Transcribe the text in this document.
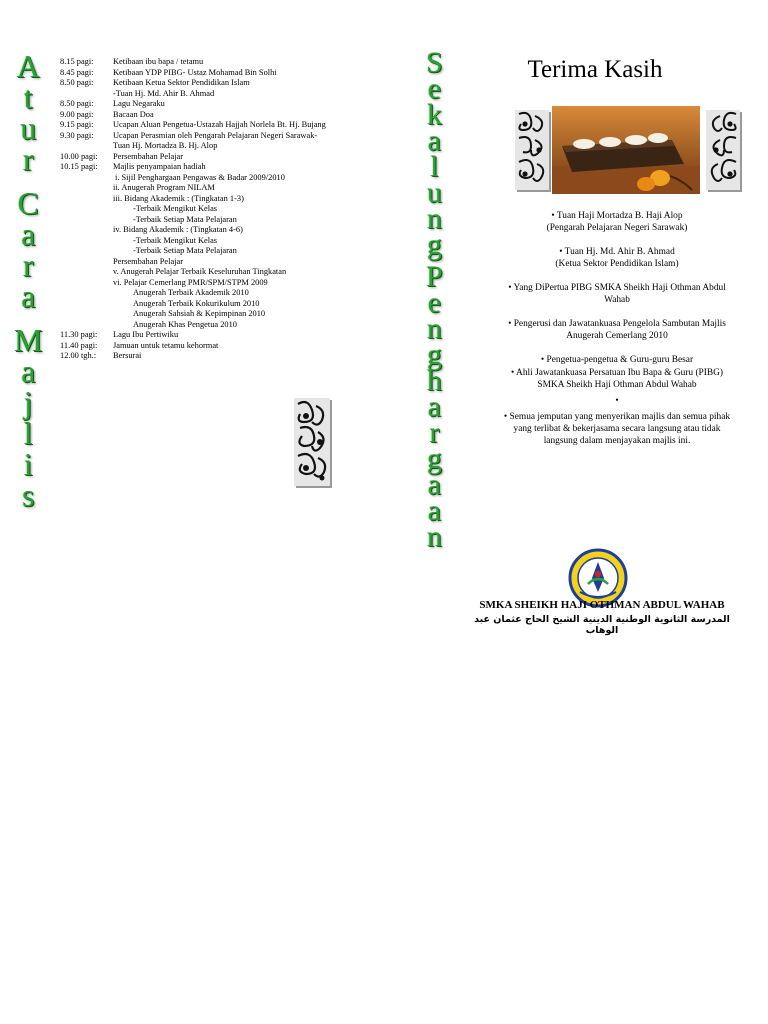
A
t
u
r
C
a
r
a
M
a
j
l
i
s
8.15 pagi:	Ketibaan ibu bapa / tetamu
8.45 pagi:	Ketibaan YDP PIBG- Ustaz Mohamad Bin Solhi
8.50 pagi:	Ketibaan Ketua Sektor Pendidikan Islam
-Tuan Hj. Md. Ahir B. Ahmad
8.50 pagi:	Lagu Negaraku
9.00 pagi:	Bacaan Doa
9.15 pagi:	Ucapan Aluan Pengetua-Ustazah Hajjah Norlela Bt. Hj. Bujang
9.30 pagi:	Ucapan Perasmian oleh Pengarah Pelajaran Negeri Sarawak-
Tuan Hj. Mortadza B. Hj. Alop
10.00 pagi:	Persembahan Pelajar
10.15 pagi:	Majlis penyampaian hadiah
i. Sijil Penghargaan Pengawas & Badar 2009/2010
ii. Anugerah Program NILAM
iii. Bidang Akademik : (Tingkatan 1-3)
-Terbaik Mengikut Kelas
-Terbaik Setiap Mata Pelajaran
iv. Bidang Akademik : (Tingkatan 4-6)
-Terbaik Mengikut Kelas
-Terbaik Setiap Mata Pelajaran
Persembahan Pelajar
v. Anugerah Pelajar Terbaik Keseluruhan Tingkatan
vi. Pelajar Cemerlang PMR/SPM/STPM 2009
Anugerah Terbaik Akademik 2010
Anugerah Terbaik Kokurikulum 2010
Anugerah Sahsiah & Kepimpinan 2010
Anugerah Khas Pengetua 2010
11.30 pagi:	Lagu Ibu Pertiwiku
11.40 pagi:	Jamuan untuk tetamu kehormat
12.00 tgh.:	Bersurai
S
e
k
a
l
u
n
g
P
e
n
g
h
a
r
g
a
a
n
Terima Kasih
• Tuan Haji Mortadza B. Haji Alop
(Pengarah Pelajaran Negeri Sarawak)
• Tuan Hj. Md. Ahir B. Ahmad
(Ketua Sektor Pendidikan Islam)
• Yang DiPertua PIBG SMKA Sheikh Haji Othman Abdul
Wahab
• Pengerusi dan Jawatankuasa Pengelola Sambutan Majlis
Anugerah Cemerlang 2010
• Pengetua-pengetua & Guru-guru Besar
• Ahli Jawatankuasa Persatuan Ibu Bapa & Guru (PIBG)
SMKA Sheikh Haji Othman Abdul Wahab
•
• Semua jemputan yang menyerikan majlis dan semua pihak
yang terlibat & bekerjasama secara langsung atau tidak
langsung dalam menjayakan majlis ini.
SMKA SHEIKH HAJI OTHMAN ABDUL WAHAB
المدرسة الثانوية الوطنية الدينية الشيخ الحاج عثمان عبد الوهاب
